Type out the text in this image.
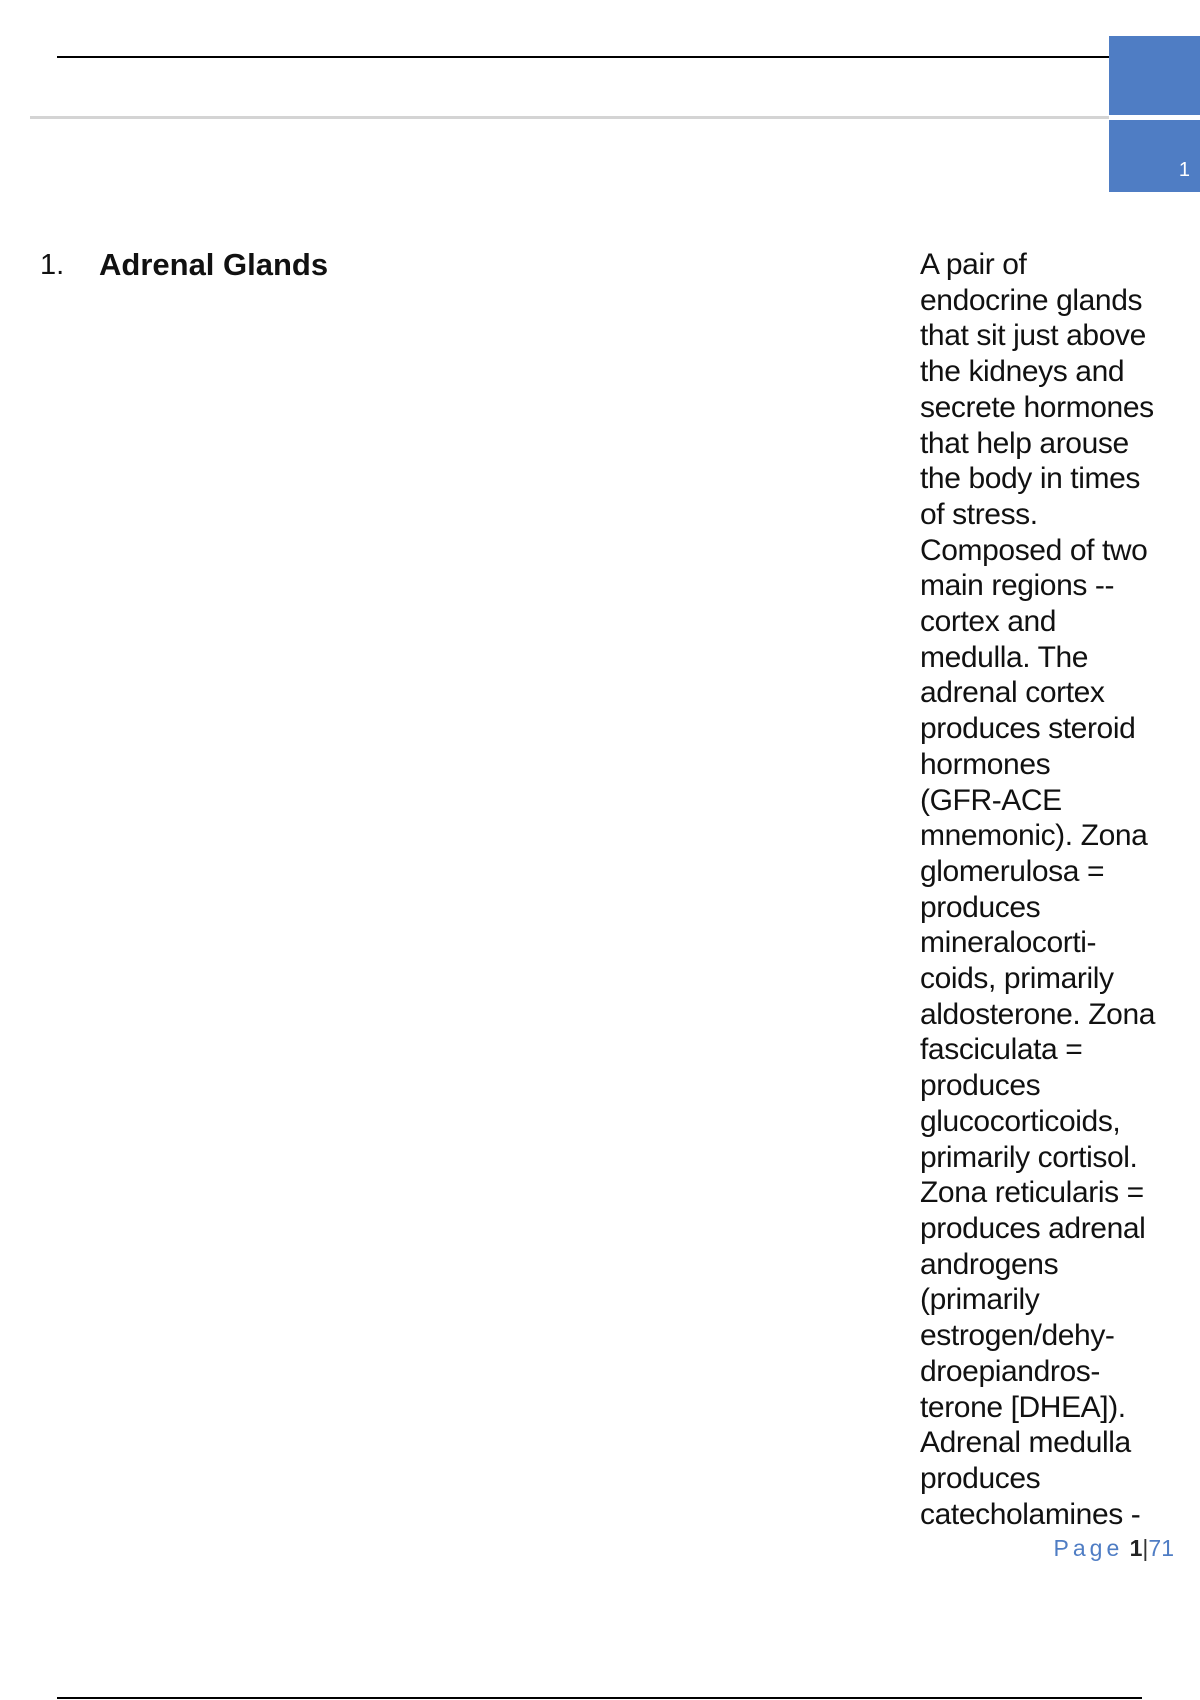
1
1. Adrenal Glands	A pair of
endocrine glands
that sit just above
the kidneys and
secrete hormones
that help arouse
the body in times
of stress.
Composed of two
main regions --
cortex and
medulla. The
adrenal cortex
produces steroid
hormones
(GFR-ACE
mnemonic). Zona
glomerulosa =
produces
mineralocorti-
coids, primarily
aldosterone. Zona
fasciculata =
produces
glucocorticoids,
primarily cortisol.
Zona reticularis =
produces adrenal
androgens
(primarily
estrogen/dehy-
droepiandros-
terone [DHEA]).
Adrenal medulla
produces
catecholamines -

Page 1|71
